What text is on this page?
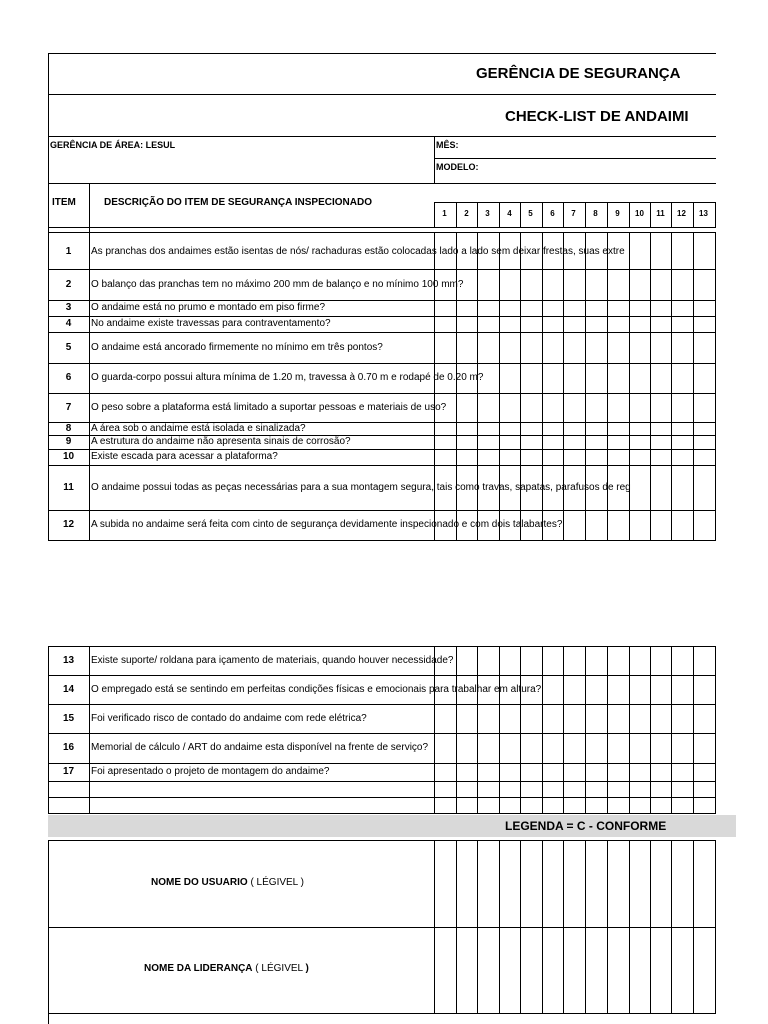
GERÊNCIA DE SEGURANÇA
CHECK-LIST DE ANDAIMI
GERÊNCIA DE ÁREA: LESUL	MÊS:
MODELO:
ITEM	DESCRIÇÃO DO ITEM DE SEGURANÇA INSPECIONADO
1	2	3	4	5	6	7	8	9	10	11	12	13
1	As pranchas dos andaimes estão isentas de nós/ rachaduras estão colocadas lado a lado sem deixar frestas, suas extre
2	O balanço das pranchas tem no máximo 200 mm de balanço e no mínimo 100 mm?
3	O andaime está no prumo e montado em piso firme?
4	No andaime existe travessas para contraventamento?
5	O andaime está ancorado firmemente no mínimo em três pontos?
6	O guarda-corpo possui altura mínima de 1.20 m, travessa à 0.70 m e rodapé de 0.20 m?
7	O peso sobre a plataforma está limitado a suportar pessoas e materiais de uso?
8	A área sob o andaime está isolada e sinalizada?
9	A estrutura do andaime não apresenta sinais de corrosão?
10	Existe escada para acessar a plataforma?
11	O andaime possui todas as peças necessárias para a sua montagem segura, tais como travas, sapatas, parafusos de reg
12	A subida no andaime será feita com cinto de segurança devidamente inspecionado e com dois talabartes?
13	Existe suporte/ roldana para içamento de materiais, quando houver necessidade?
14	O empregado está se sentindo em perfeitas condições físicas e emocionais para trabalhar em altura?
15	Foi verificado risco de contado do andaime com rede elétrica?
16	Memorial de cálculo / ART do andaime esta disponível na frente de serviço?
17	Foi apresentado o projeto de montagem do andaime?
LEGENDA = C - CONFORME
NOME DO USUARIO ( LÉGIVEL )
NOME DA LIDERANÇA ( LÉGIVEL )
